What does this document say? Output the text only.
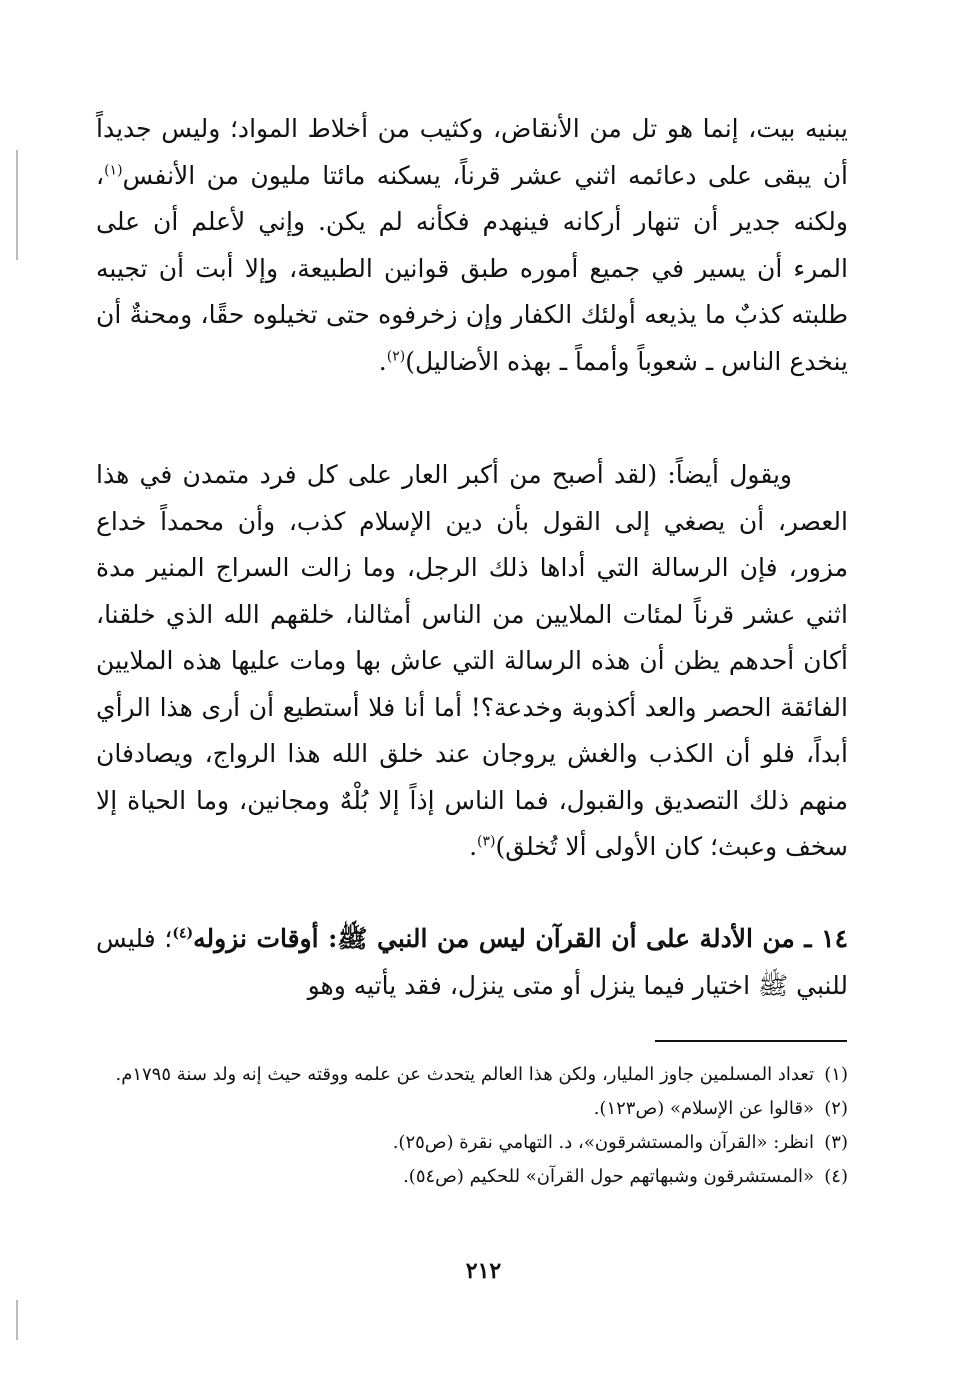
يبنيه بيت، إنما هو تل من الأنقاض، وكثيب من أخلاط المواد؛ وليس جديداً أن يبقى على دعائمه اثني عشر قرناً، يسكنه مائتا مليون من الأنفس$^{(١)}$، ولكنه جدير أن تنهار أركانه فينهدم فكأنه لم يكن. وإني لأعلم أن على المرء أن يسير في جميع أموره طبق قوانين الطبيعة، وإلا أبت أن تجيبه طلبته كذبٌ ما يذيعه أولئك الكفار وإن زخرفوه حتى تخيلوه حقًا، ومحنةٌ أن ينخدع الناس ـ شعوباً وأمماً ـ بهذه الأضاليل)$^{(٢)}$.

ويقول أيضاً: (لقد أصبح من أكبر العار على كل فرد متمدن في هذا العصر، أن يصغي إلى القول بأن دين الإسلام كذب، وأن محمداً خداع مزور، فإن الرسالة التي أداها ذلك الرجل، وما زالت السراج المنير مدة اثني عشر قرناً لمئات الملايين من الناس أمثالنا، خلقهم الله الذي خلقنا، أكان أحدهم يظن أن هذه الرسالة التي عاش بها ومات عليها هذه الملايين الفائقة الحصر والعد أكذوبة وخدعة؟! أما أنا فلا أستطيع أن أرى هذا الرأي أبداً، فلو أن الكذب والغش يروجان عند خلق الله هذا الرواج، ويصادفان منهم ذلك التصديق والقبول، فما الناس إذاً إلا بُلْهٌ ومجانين، وما الحياة إلا سخف وعبث؛ كان الأولى ألا تُخلق)$^{(٣)}$.

١٤ ـ من الأدلة على أن القرآن ليس من النبي ﷺ: أوقات نزوله$^{(٤)}$؛ فليس للنبي ﷺ اختيار فيما ينزل أو متى ينزل، فقد يأتيه وهو

(١)
تعداد المسلمين جاوز المليار، ولكن هذا العالم يتحدث عن علمه ووقته حيث إنه ولد سنة ١٧٩٥م.
(٢)
«قالوا عن الإسلام» (ص١٢٣).
(٣)
انظر: «القرآن والمستشرقون»، د. التهامي نقرة (ص٢٥).
(٤)
«المستشرقون وشبهاتهم حول القرآن» للحكيم (ص٥٤).
٢١٢
